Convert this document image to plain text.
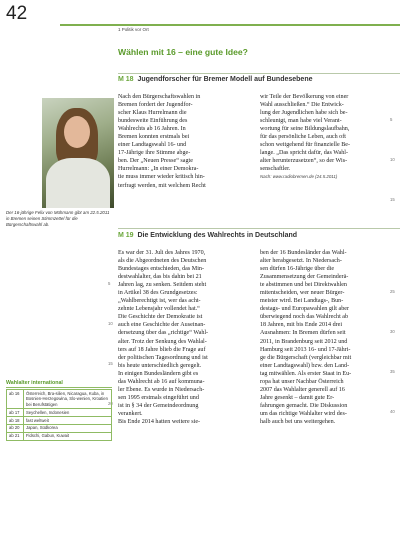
42
1 Politik vor Ort
Wählen mit 16 – eine gute Idee?
M 18 Jugendforscher für Bremer Modell auf Bundesebene
Der 16-jährige Felix von Mühmann gibt am 22.5.2011 in Bremen seinen Stimmzettel für die Bürgerschaftswahl ab.

Nach den Bürgerschaftswahlen in

Bremen fordert der Jugendfor-

scher Klaus Hurrelmann die

bundesweite Einführung des

Wahlrechts ab 16 Jahren. In

Bremen konnten erstmals bei

einer Landtagswahl 16- und

17-Jährige ihre Stimme abge-

ben. Der „Neuen Presse“ sagte

Hurrelmann: „In einer Demokra-

tie muss immer wieder kritisch hin-

terfragt werden, mit welchem Recht

wir Teile der Bevölkerung von einer

Wahl ausschließen.“ Die Entwick-

lung der Jugendlichen habe sich be-

schleunigt, man habe viel Verant-

wortung für seine Bildungslaufbahn,

für das persönliche Leben, auch oft

schon weitgehend für finanzielle Be-

lange. „Das spricht dafür, das Wahl-

alter herunterzusetzen“, so der Wis-

senschaftler.

Nach: www.radiobremen.de (24.5.2011)
5
10
15
M 19 Die Entwicklung des Wahlrechts in Deutschland

Es war der 31. Juli des Jahres 1970,

als die Abgeordneten des Deutschen

Bundestages entschieden, das Min-

destwahlalter, das bis dahin bei 21

Jahren lag, zu senken. Seitdem steht

in Artikel 38 des Grundgesetzes:

„Wahlberechtigt ist, wer das acht-

zehnte Lebensjahr vollendet hat.“

Die Geschichte der Demokratie ist

auch eine Geschichte der Auseinan-

dersetzung über das „richtige“ Wahl-

alter. Trotz der Senkung des Wahlal-

ters auf 18 Jahre blieb die Frage auf

der politischen Tagesordnung und ist

bis heute unterschiedlich geregelt.

In einigen Bundesländern gibt es

das Wahlrecht ab 16 auf kommuna-

ler Ebene. Es wurde in Niedersach-

sen 1995 erstmals eingeführt und

ist in § 34 der Gemeindeordnung

verankert.

Bis Ende 2014 hatten weitere sie-

ben der 16 Bundesländer das Wahl-

alter herabgesetzt. In Niedersach-

sen dürfen 16-Jährige über die

Zusammensetzung der Gemeinderä-

te abstimmen und bei Direktwahlen

mitentscheiden, wer neuer Bürger-

meister wird. Bei Landtags-, Bun-

destags- und Europawahlen gilt aber

überwiegend noch das Wahlrecht ab

18 Jahren, mit bis Ende 2014 drei

Ausnahmen: In Bremen dürfen seit

2011, in Brandenburg seit 2012 und

Hamburg seit 2013 16- und 17-Jähri-

ge die Bürgerschaft (vergleichbar mit

einer Landtagswahl) bzw. den Land-

tag mitwählen. Als erster Staat in Eu-

ropa hat unser Nachbar Österreich

2007 das Wahlalter generell auf 16

Jahre gesenkt – damit gute Er-

fahrungen gemacht. Die Diskussion

um das richtige Wahlalter wird des-

halb auch bei uns weitergehen.

5
10
15
20
25
30
35
40
Wahlalter international
ab 16	Österreich, Bra-silien, Nicaragua, Kuba, in Bosnien-Herzegowina, Slo-wenien, Kroatien bei Berufstätigen
ab 17	Seychellen, Indonesien
ab 18	fast weltweit
ab 20	Japan, Südkorea
ab 21	Fidschi, Gabun, Kuwait
